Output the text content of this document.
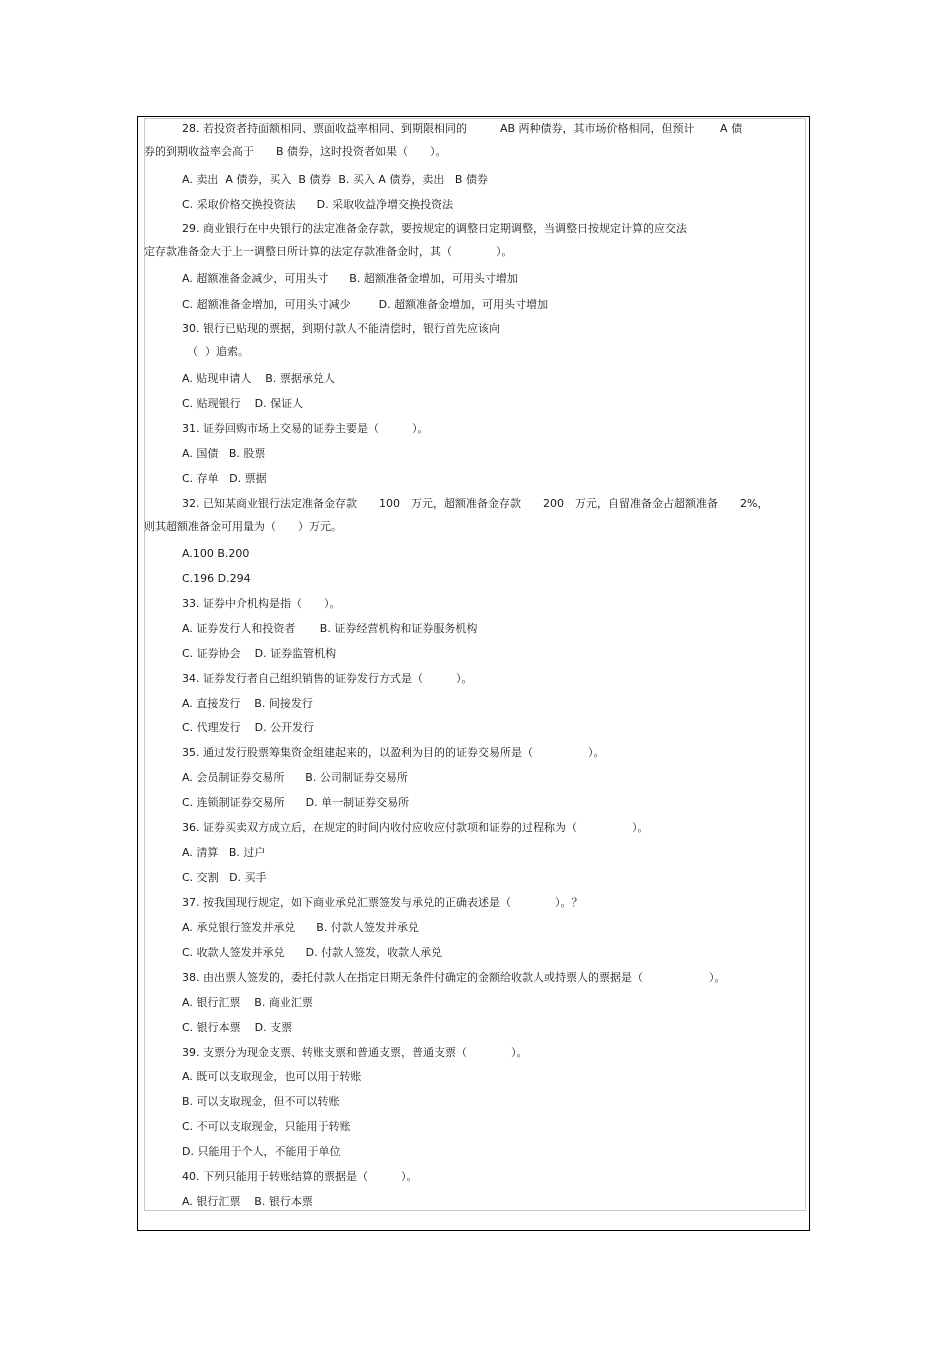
28. 若投资者持面额相同、票面收益率相同、到期限相同的　　　AB 两种债券，其市场价格相同，但预计　　 A 债
券的到期收益率会高于　　B 债券，这时投资者如果（　　）。
A. 卖出  A 债券，买入  B 债券  B. 买入 A 债券，卖出   B 债券
C. 采取价格交换投资法      D. 采取收益净增交换投资法
29. 商业银行在中央银行的法定准备金存款，要按规定的调整日定期调整，当调整日按规定计算的应交法
定存款准备金大于上一调整日所计算的法定存款准备金时，其（　　　　）。
A. 超额准备金减少，可用头寸      B. 超额准备金增加，可用头寸增加
C. 超额准备金增加，可用头寸减少        D. 超额准备金增加，可用头寸增加
30. 银行已贴现的票据，到期付款人不能清偿时，银行首先应该向
（  ）追索。
A. 贴现申请人    B. 票据承兑人
C. 贴现银行    D. 保证人
31. 证券回购市场上交易的证券主要是（　　　）。
A. 国债   B. 股票
C. 存单   D. 票据
32. 已知某商业银行法定准备金存款　　100　万元，超额准备金存款　　200　万元，自留准备金占超额准备　　2%，
则其超额准备金可用量为（　　）万元。
A.100 B.200
C.196 D.294
33. 证券中介机构是指（　　）。
A. 证券发行人和投资者       B. 证券经营机构和证券服务机构
C. 证券协会    D. 证券监管机构
34. 证券发行者自己组织销售的证券发行方式是（　　　）。
A. 直接发行    B. 间接发行
C. 代理发行    D. 公开发行
35. 通过发行股票筹集资金组建起来的，以盈利为目的的证券交易所是（　　　　　）。
A. 会员制证券交易所      B. 公司制证券交易所
C. 连锁制证券交易所      D. 单一制证券交易所
36. 证券买卖双方成立后，在规定的时间内收付应收应付款项和证券的过程称为（　　　　　）。
A. 清算   B. 过户
C. 交割   D. 买手
37. 按我国现行规定，如下商业承兑汇票签发与承兑的正确表述是（　　　　）。？
A. 承兑银行签发并承兑      B. 付款人签发并承兑
C. 收款人签发并承兑      D. 付款人签发，收款人承兑
38. 由出票人签发的，委托付款人在指定日期无条件付确定的金额给收款人或持票人的票据是（　　　　　　）。
A. 银行汇票    B. 商业汇票
C. 银行本票    D. 支票
39. 支票分为现金支票、转账支票和普通支票，普通支票（　　　　）。
A. 既可以支取现金，也可以用于转账
B. 可以支取现金，但不可以转账
C. 不可以支取现金，只能用于转账
D. 只能用于个人，不能用于单位
40. 下列只能用于转账结算的票据是（　　　）。
A. 银行汇票    B. 银行本票
